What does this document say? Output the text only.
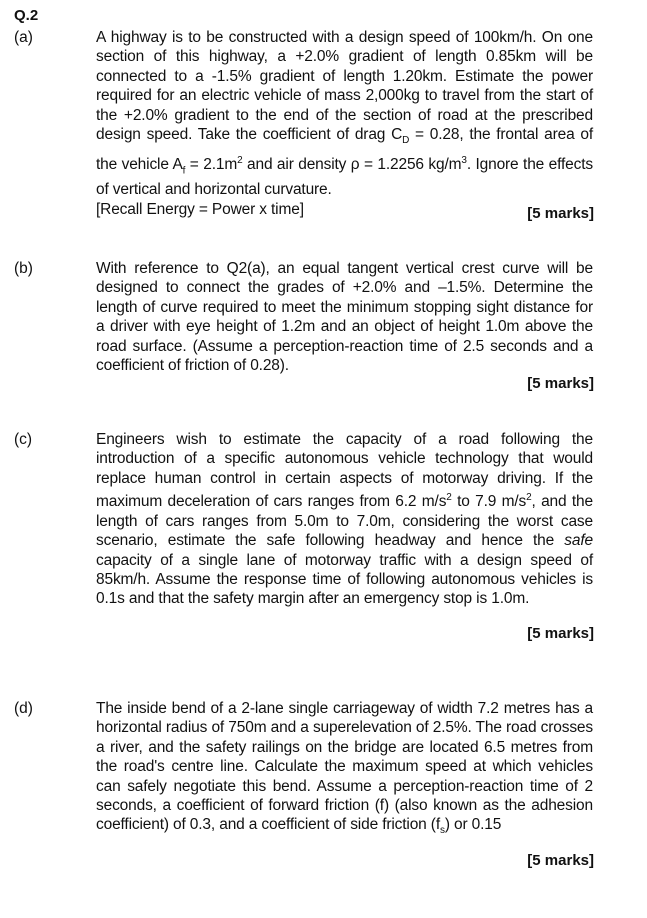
Q.2
(a)	A highway is to be constructed with a design speed of 100km/h. On one section of this highway, a +2.0% gradient of length 0.85km will be connected to a -1.5% gradient of length 1.20km. Estimate the power required for an electric vehicle of mass 2,000kg to travel from the start of the +2.0% gradient to the end of the section of road at the prescribed design speed. Take the coefficient of drag $C_D = 0.28$, the frontal area of the vehicle $A_f = 2.1m^2$ and air density ρ = 1.2256 $kg/m^3$. Ignore the effects of vertical and horizontal curvature.

[Recall Energy = Power x time]	[5 marks]
(b)	With reference to Q2(a), an equal tangent vertical crest curve will be designed to connect the grades of +2.0% and –1.5%. Determine the length of curve required to meet the minimum stopping sight distance for a driver with eye height of 1.2m and an object of height 1.0m above the road surface. (Assume a perception-reaction time of 2.5 seconds and a coefficient of friction of 0.28).

[5 marks]
(c)	Engineers wish to estimate the capacity of a road following the introduction of a specific autonomous vehicle technology that would replace human control in certain aspects of motorway driving. If the maximum deceleration of cars ranges from 6.2 $m/s^2$ to 7.9 $m/s^2$, and the length of cars ranges from 5.0m to 7.0m, considering the worst case scenario, estimate the safe following headway and hence the safe capacity of a single lane of motorway traffic with a design speed of 85km/h. Assume the response time of following autonomous vehicles is 0.1s and that the safety margin after an emergency stop is 1.0m.

[5 marks]
(d)	The inside bend of a 2-lane single carriageway of width 7.2 metres has a horizontal radius of 750m and a superelevation of 2.5%. The road crosses a river, and the safety railings on the bridge are located 6.5 metres from the road's centre line. Calculate the maximum speed at which vehicles can safely negotiate this bend. Assume a perception-reaction time of 2 seconds, a coefficient of forward friction (f) (also known as the adhesion coefficient) of 0.3, and a coefficient of side friction $(f_s)$ or 0.15

[5 marks]
